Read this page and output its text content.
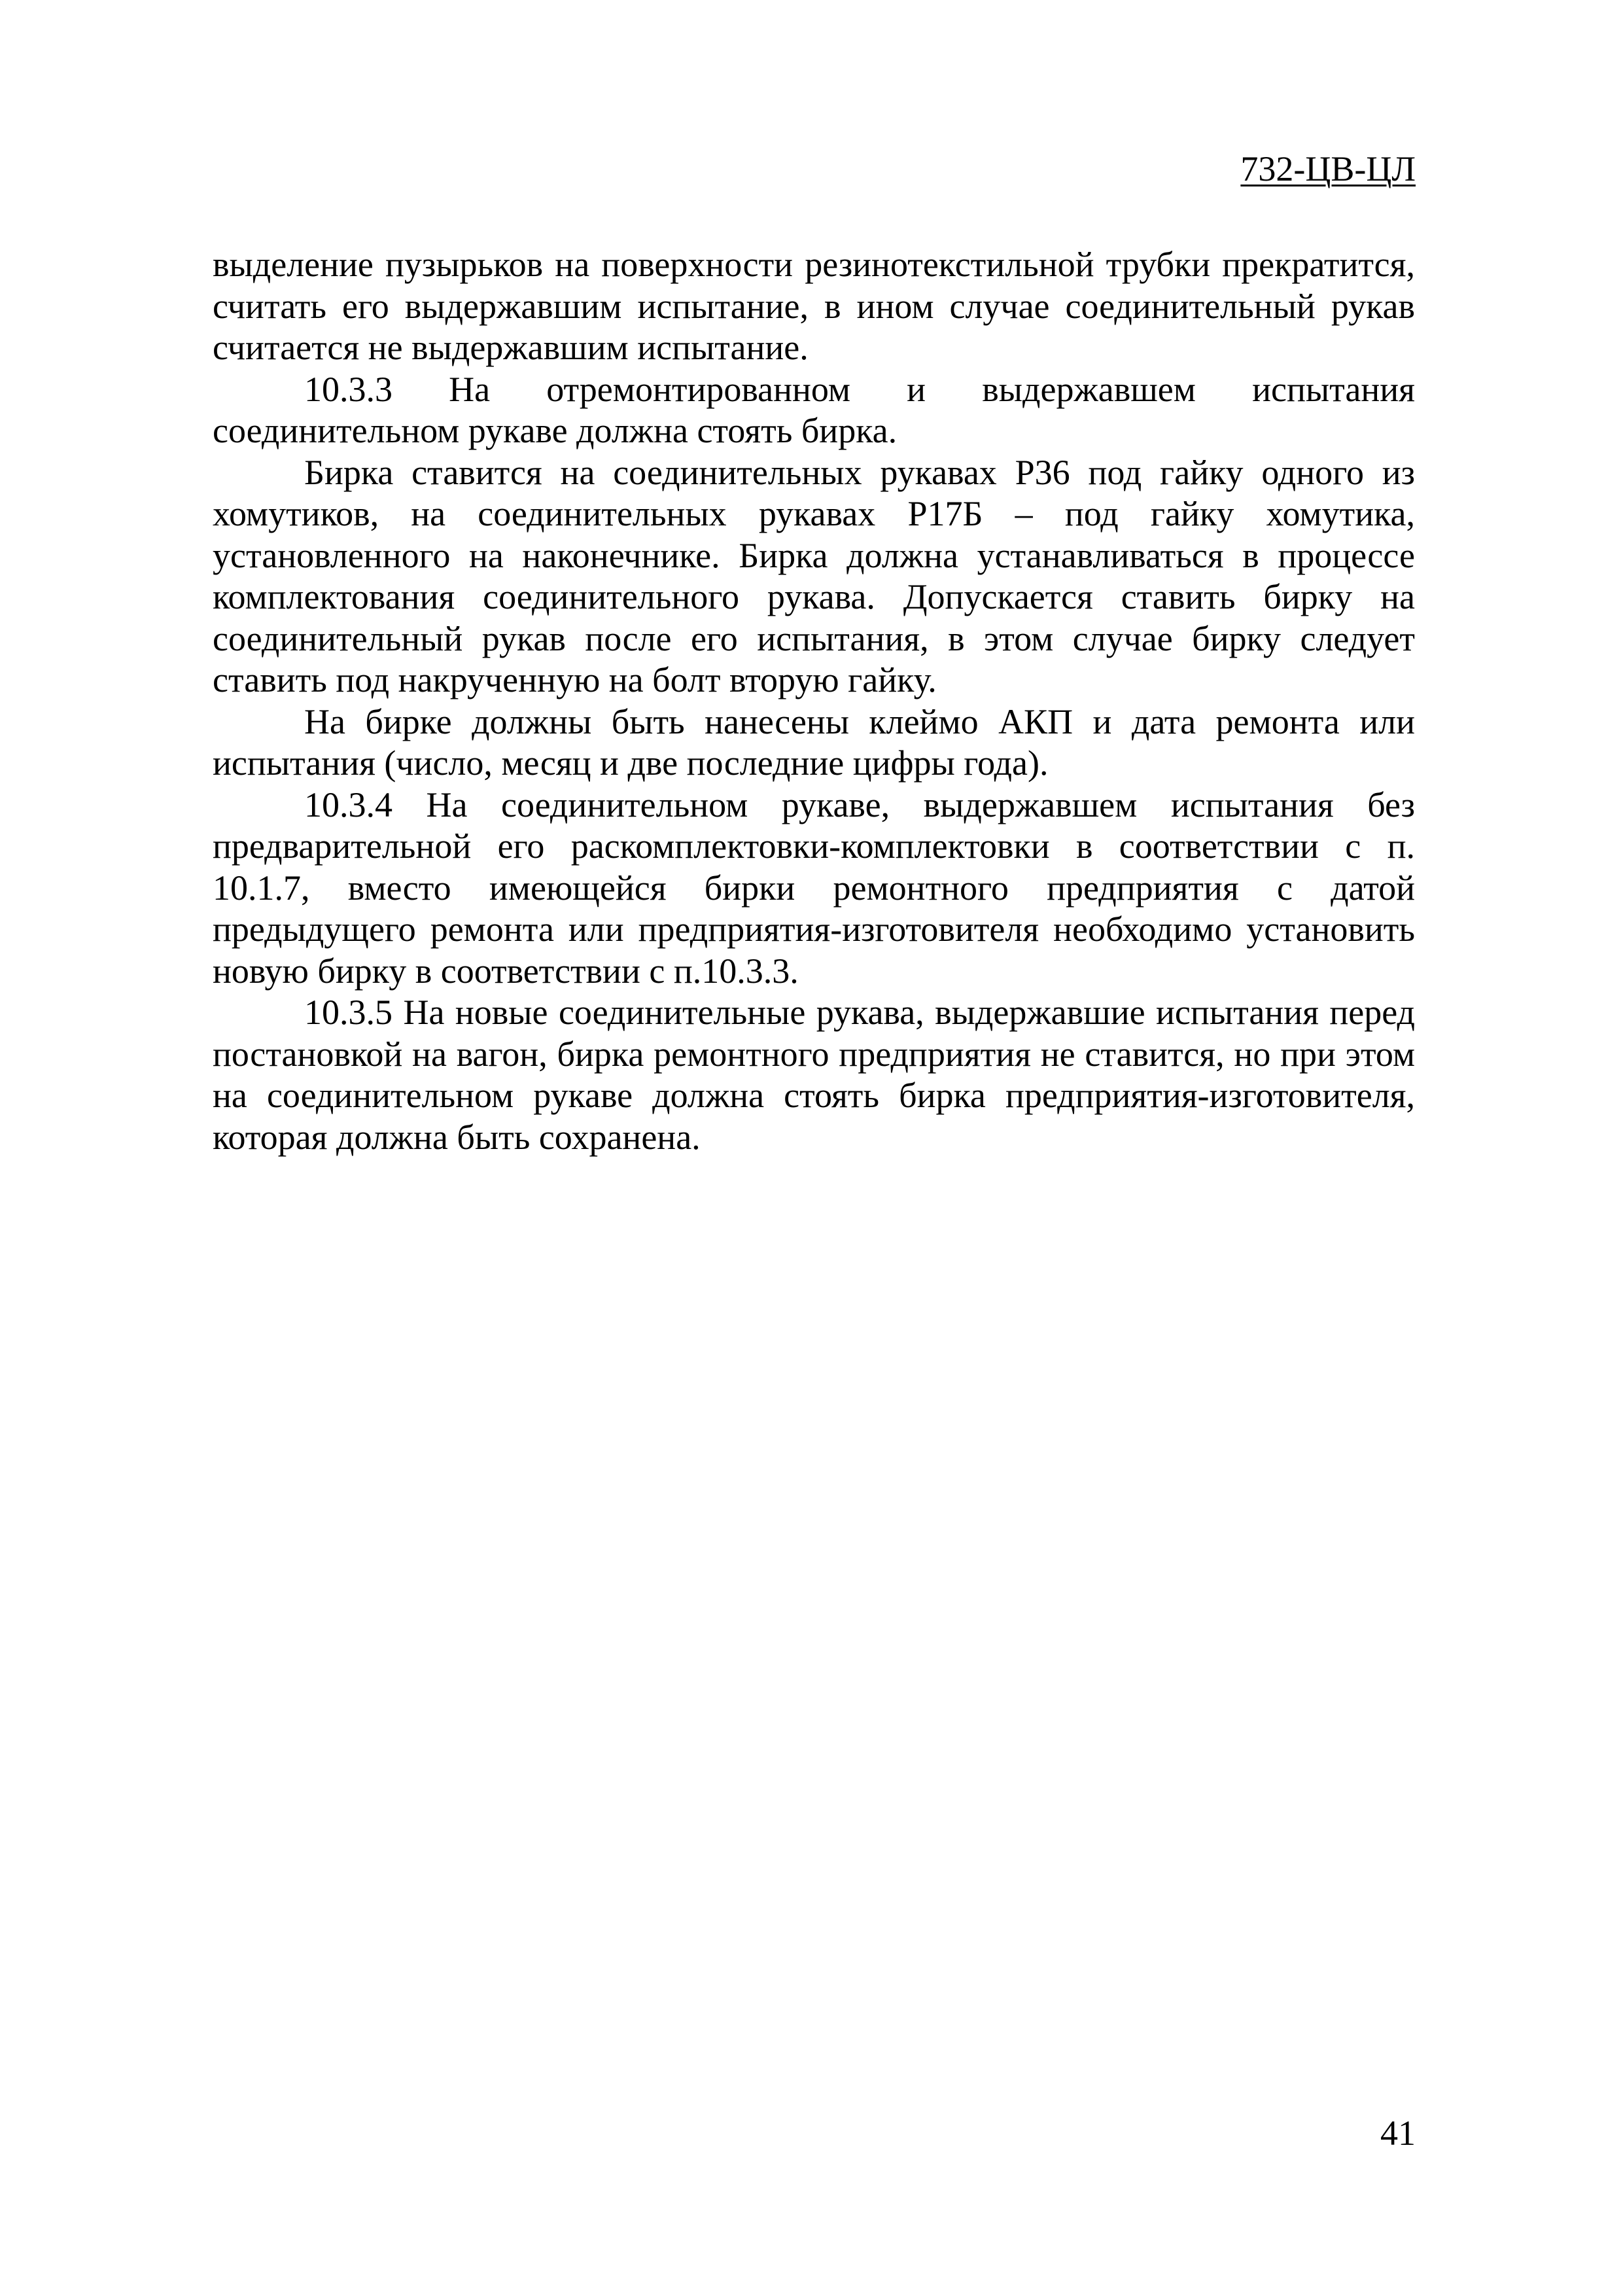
732-ЦВ-ЦЛ

выделение пузырьков на поверхности резинотекстильной трубки прекратится, считать его выдержавшим испытание, в ином случае соединительный рукав считается не выдержавшим испытание.

10.3.3 На отремонтированном и выдержавшем испытания соединительном рукаве должна стоять бирка.

Бирка ставится на соединительных рукавах Р36 под гайку одного из хомутиков, на соединительных рукавах Р17Б – под гайку хомутика, установленного на наконечнике. Бирка должна устанавливаться в процессе комплектования соединительного рукава. Допускается ставить бирку на соединительный рукав после его испытания, в этом случае бирку следует ставить под накрученную на болт вторую гайку.

На бирке должны быть нанесены клеймо АКП и дата ремонта или испытания (число, месяц и две последние цифры года).

10.3.4 На соединительном рукаве, выдержавшем испытания без предварительной его раскомплектовки-комплектовки в соответствии с п. 10.1.7, вместо имеющейся бирки ремонтного предприятия с датой предыдущего ремонта или предприятия-изготовителя необходимо установить новую бирку в соответствии с п.10.3.3.

10.3.5 На новые соединительные рукава, выдержавшие испытания перед постановкой на вагон, бирка ремонтного предприятия не ставится, но при этом на соединительном рукаве должна стоять бирка предприятия-изготовителя, которая должна быть сохранена.

41
